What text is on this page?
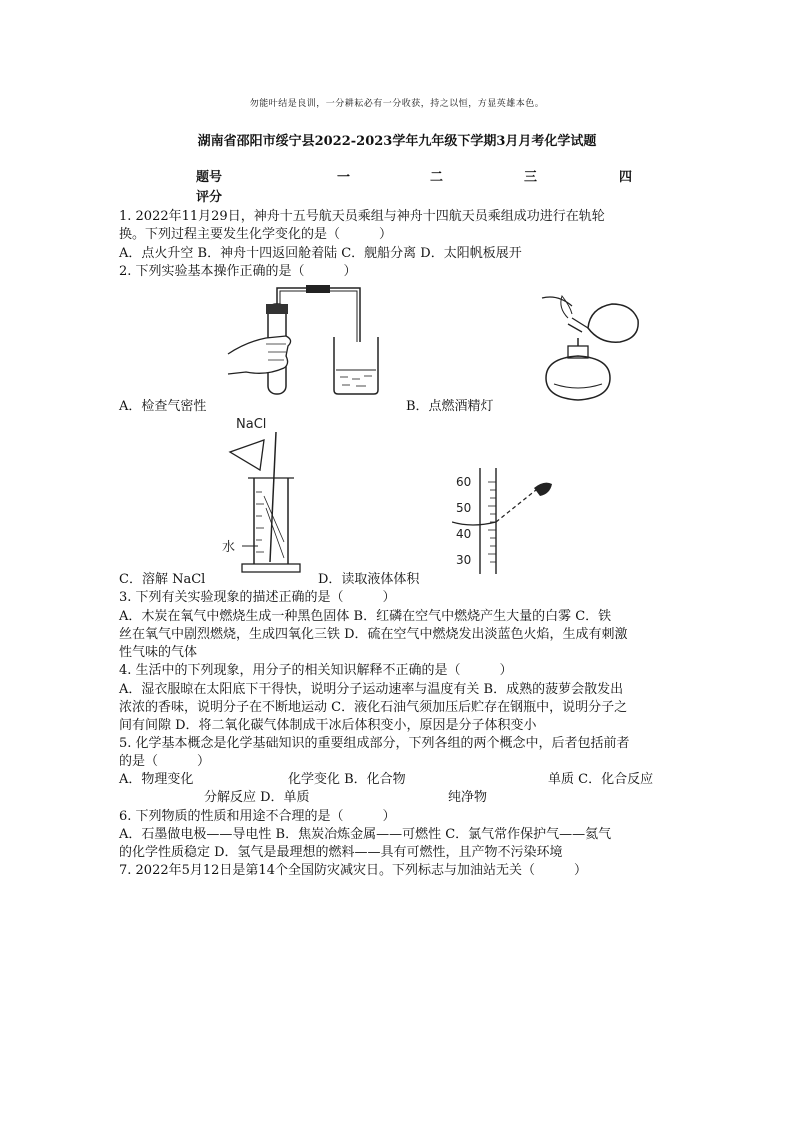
勿能叶结是良训，一分耕耘必有一分收获，持之以恒，方显英雄本色。
湖南省邵阳市绥宁县2022-2023学年九年级下学期3月月考化学试题
题号	一	二	三	四
评分
1. 2022年11月29日，神舟十五号航天员乘组与神舟十四航天员乘组成功进行在轨轮
换。下列过程主要发生化学变化的是（　　　）
A．点火升空 B．神舟十四返回舱着陆 C．舰船分离 D．太阳帆板展开
2. 下列实验基本操作正确的是（　　　）
A．检查气密性	B．点燃酒精灯
NaCl
水
C．溶解 NaCl
60
50
40
30
D．读取液体体积
3. 下列有关实验现象的描述正确的是（　　　）
A．木炭在氧气中燃烧生成一种黑色固体 B．红磷在空气中燃烧产生大量的白雾 C．铁
丝在氧气中剧烈燃烧，生成四氧化三铁 D．硫在空气中燃烧发出淡蓝色火焰，生成有刺激
性气味的气体
4. 生活中的下列现象，用分子的相关知识解释不正确的是（　　　）
A．湿衣服晾在太阳底下干得快，说明分子运动速率与温度有关 B．成熟的菠萝会散发出
浓浓的香味，说明分子在不断地运动 C．液化石油气须加压后贮存在钢瓶中，说明分子之
间有间隙 D．将二氧化碳气体制成干冰后体积变小，原因是分子体积变小
5. 化学基本概念是化学基础知识的重要组成部分，下列各组的两个概念中，后者包括前者
的是（　　　）
A．物理变化	化学变化 B．化合物	单质 C．化合反应
分解反应 D．单质	纯净物
6. 下列物质的性质和用途不合理的是（　　　）
A．石墨做电极——导电性 B．焦炭冶炼金属——可燃性 C．氯气常作保护气——氦气
的化学性质稳定 D．氢气是最理想的燃料——具有可燃性，且产物不污染环境
7. 2022年5月12日是第14个全国防灾减灾日。下列标志与加油站无关（　　　）
